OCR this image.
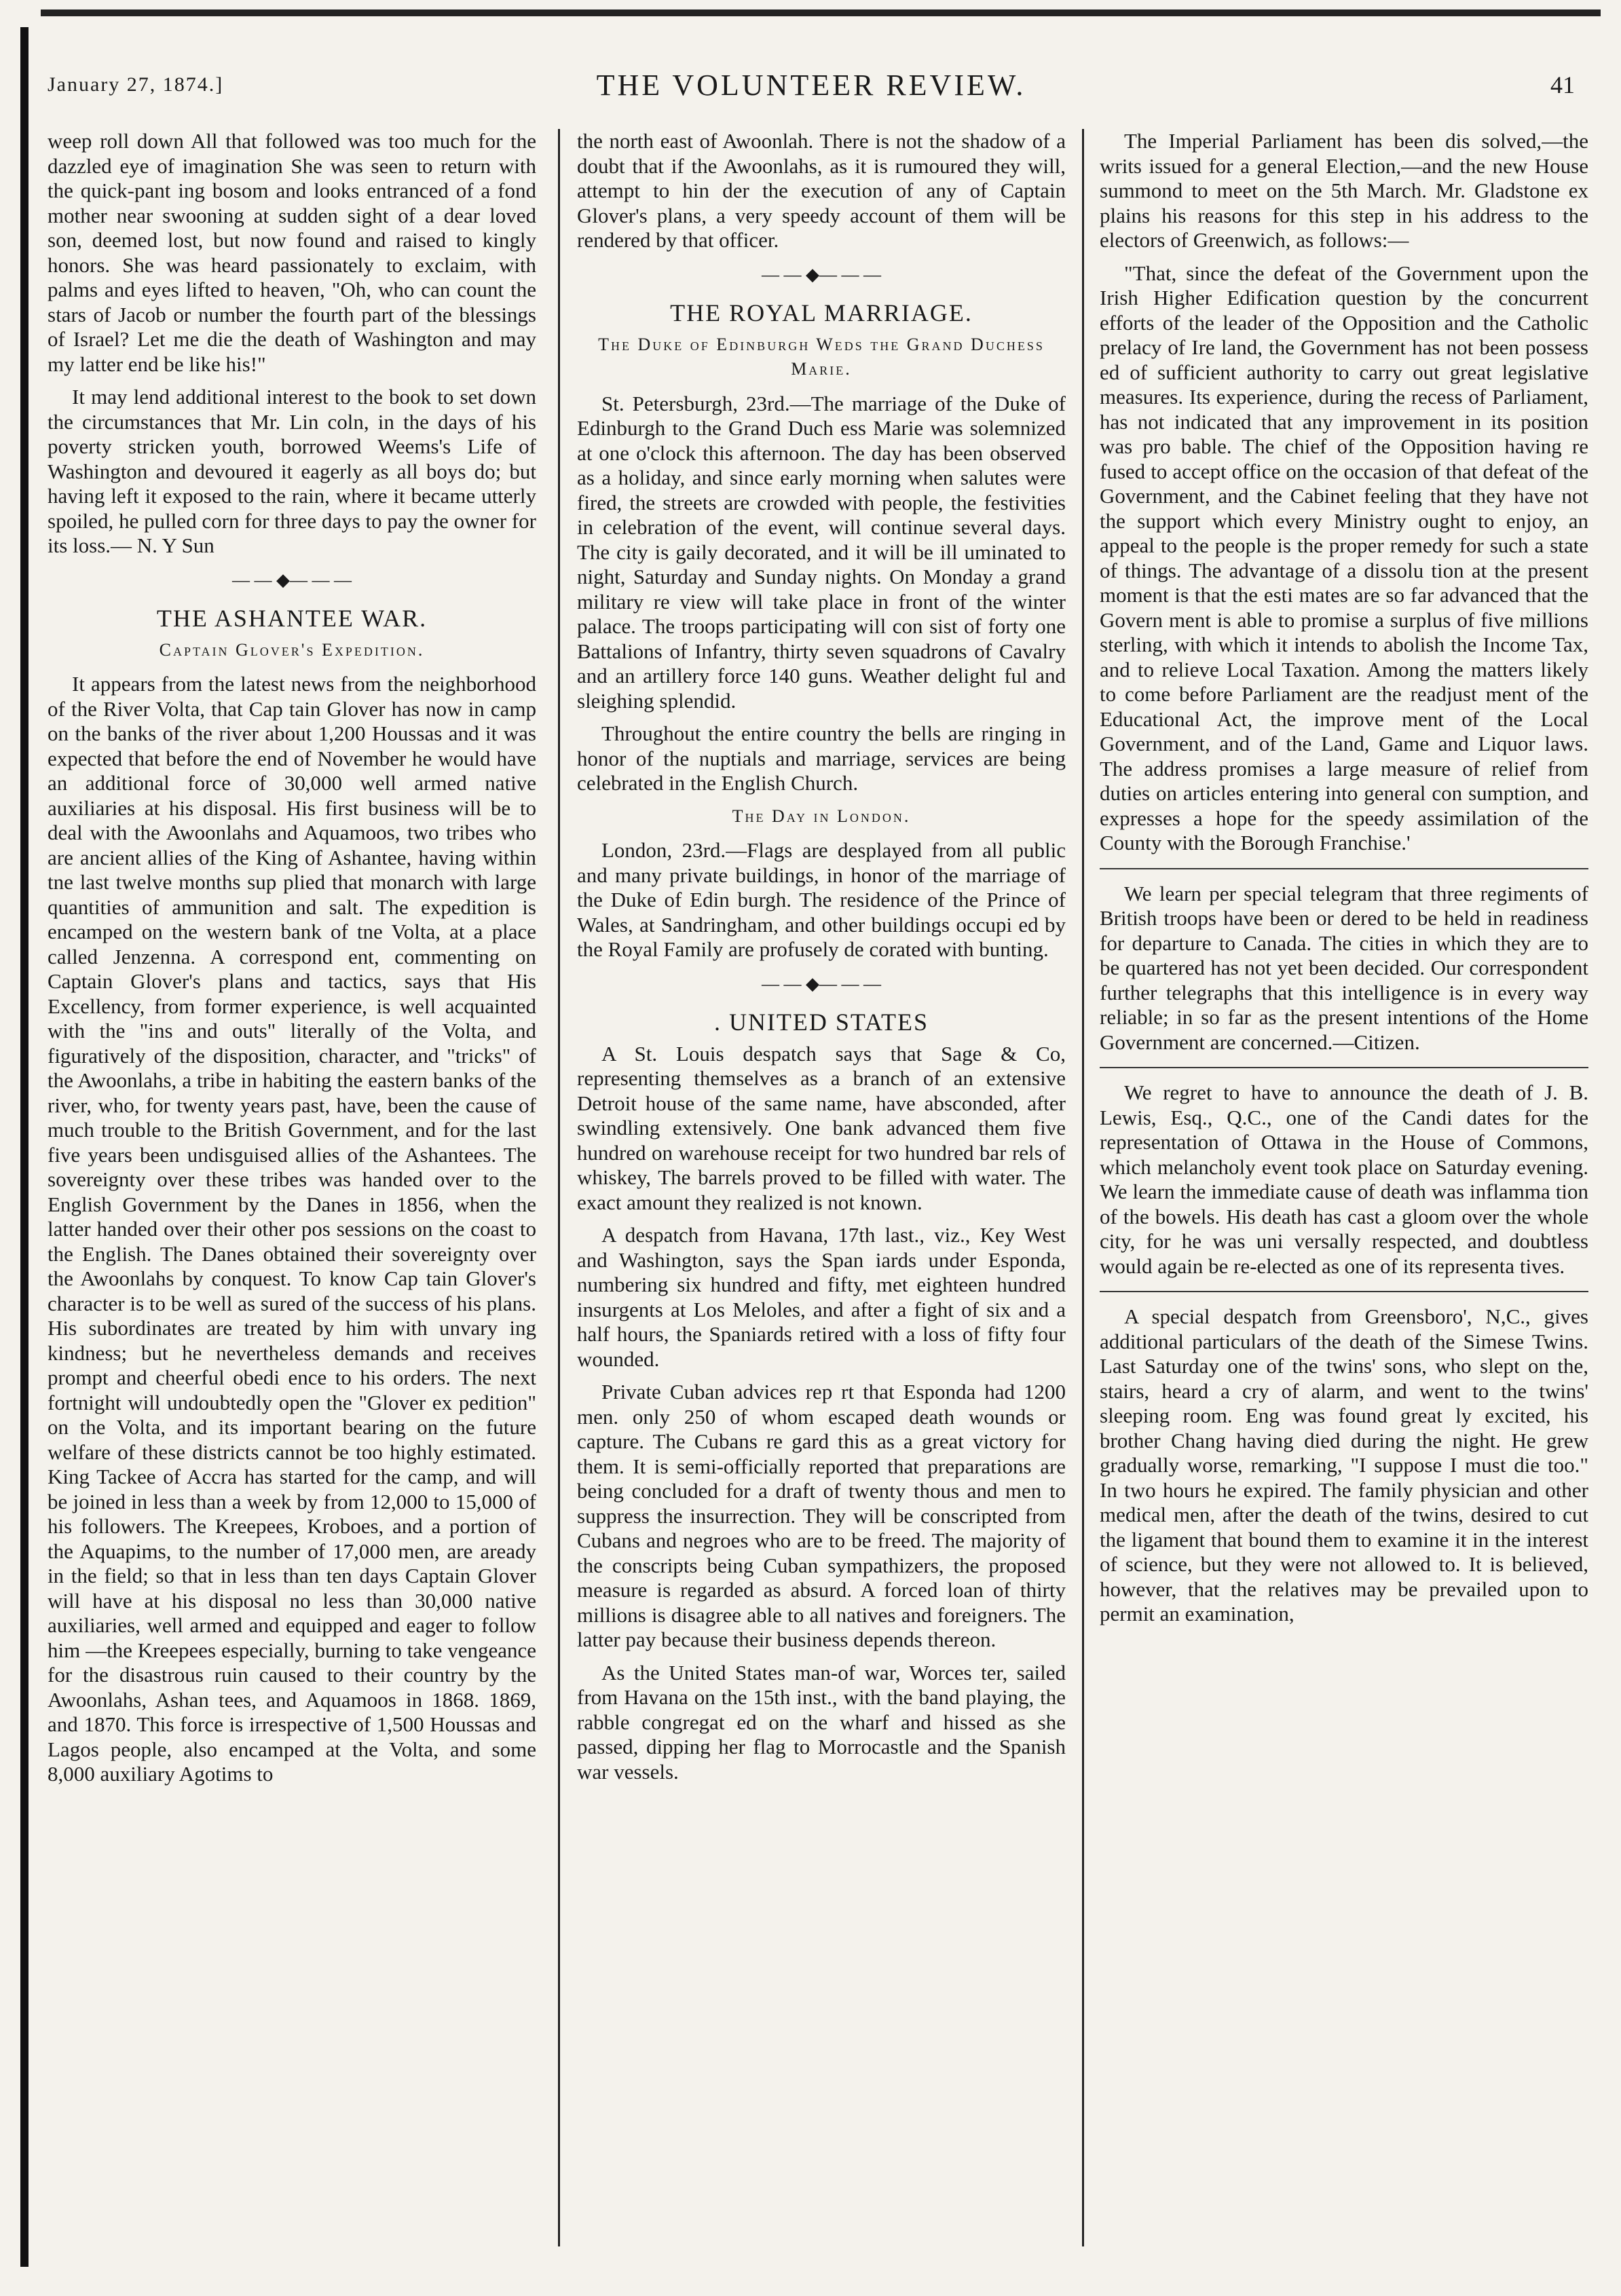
January 27, 1874.]	THE VOLUNTEER REVIEW.	41

weep roll down All that followed was too much for the dazzled eye of imagination She was seen to return with the quick-pant ing bosom and looks entranced of a fond mother near swooning at sudden sight of a dear loved son, deemed lost, but now found and raised to kingly honors. She was heard passionately to exclaim, with palms and eyes lifted to heaven, "Oh, who can count the stars of Jacob or number the fourth part of the blessings of Israel? Let me die the death of Washington and may my latter end be like his!"

It may lend additional interest to the book to set down the circumstances that Mr. Lin coln, in the days of his poverty stricken youth, borrowed Weems's Life of Washington and devoured it eagerly as all boys do; but having left it exposed to the rain, where it became utterly spoiled, he pulled corn for three days to pay the owner for its loss.— N. Y Sun

— — ◆— — —
THE ASHANTEE WAR.
Captain Glover's Expedition.

It appears from the latest news from the neighborhood of the River Volta, that Cap tain Glover has now in camp on the banks of the river about 1,200 Houssas and it was expected that before the end of November he would have an additional force of 30,000 well armed native auxiliaries at his disposal. His first business will be to deal with the Awoonlahs and Aquamoos, two tribes who are ancient allies of the King of Ashantee, having within tne last twelve months sup plied that monarch with large quantities of ammunition and salt. The expedition is encamped on the western bank of tne Volta, at a place called Jenzenna. A correspond ent, commenting on Captain Glover's plans and tactics, says that His Excellency, from former experience, is well acquainted with the "ins and outs" literally of the Volta, and figuratively of the disposition, character, and "tricks" of the Awoonlahs, a tribe in habiting the eastern banks of the river, who, for twenty years past, have, been the cause of much trouble to the British Government, and for the last five years been undisguised allies of the Ashantees. The sovereignty over these tribes was handed over to the English Government by the Danes in 1856, when the latter handed over their other pos sessions on the coast to the English. The Danes obtained their sovereignty over the Awoonlahs by conquest. To know Cap tain Glover's character is to be well as sured of the success of his plans. His subordinates are treated by him with unvary ing kindness; but he nevertheless demands and receives prompt and cheerful obedi ence to his orders. The next fortnight will undoubtedly open the "Glover ex pedition" on the Volta, and its important bearing on the future welfare of these districts cannot be too highly estimated. King Tackee of Accra has started for the camp, and will be joined in less than a week by from 12,000 to 15,000 of his followers. The Kreepees, Kroboes, and a portion of the Aquapims, to the number of 17,000 men, are aready in the field; so that in less than ten days Captain Glover will have at his disposal no less than 30,000 native auxiliaries, well armed and equipped and eager to follow him —the Kreepees especially, burning to take vengeance for the disastrous ruin caused to their country by the Awoonlahs, Ashan tees, and Aquamoos in 1868. 1869, and 1870. This force is irrespective of 1,500 Houssas and Lagos people, also encamped at the Volta, and some 8,000 auxiliary Agotims to

the north east of Awoonlah. There is not the shadow of a doubt that if the Awoonlahs, as it is rumoured they will, attempt to hin der the execution of any of Captain Glover's plans, a very speedy account of them will be rendered by that officer.

— — ◆— — —
THE ROYAL MARRIAGE.
The Duke of Edinburgh Weds the Grand Duchess Marie.

St. Petersburgh, 23rd.—The marriage of the Duke of Edinburgh to the Grand Duch ess Marie was solemnized at one o'clock this afternoon. The day has been observed as a holiday, and since early morning when salutes were fired, the streets are crowded with people, the festivities in celebration of the event, will continue several days. The city is gaily decorated, and it will be ill uminated to night, Saturday and Sunday nights. On Monday a grand military re view will take place in front of the winter palace. The troops participating will con sist of forty one Battalions of Infantry, thirty seven squadrons of Cavalry and an artillery force 140 guns. Weather delight ful and sleighing splendid.

Throughout the entire country the bells are ringing in honor of the nuptials and marriage, services are being celebrated in the English Church.

The Day in London.

London, 23rd.—Flags are desplayed from all public and many private buildings, in honor of the marriage of the Duke of Edin burgh. The residence of the Prince of Wales, at Sandringham, and other buildings occupi ed by the Royal Family are profusely de corated with bunting.

— — ◆— — —
. UNITED STATES

A St. Louis despatch says that Sage & Co, representing themselves as a branch of an extensive Detroit house of the same name, have absconded, after swindling extensively. One bank advanced them five hundred on warehouse receipt for two hundred bar rels of whiskey, The barrels proved to be filled with water. The exact amount they realized is not known.

A despatch from Havana, 17th last., viz., Key West and Washington, says the Span iards under Esponda, numbering six hundred and fifty, met eighteen hundred insurgents at Los Meloles, and after a fight of six and a half hours, the Spaniards retired with a loss of fifty four wounded.

Private Cuban advices rep rt that Esponda had 1200 men. only 250 of whom escaped death wounds or capture. The Cubans re gard this as a great victory for them. It is semi-officially reported that preparations are being concluded for a draft of twenty thous and men to suppress the insurrection. They will be conscripted from Cubans and negroes who are to be freed. The majority of the conscripts being Cuban sympathizers, the proposed measure is regarded as absurd. A forced loan of thirty millions is disagree able to all natives and foreigners. The latter pay because their business depends thereon.

As the United States man-of war, Worces ter, sailed from Havana on the 15th inst., with the band playing, the rabble congregat ed on the wharf and hissed as she passed, dipping her flag to Morrocastle and the Spanish war vessels.

The Imperial Parliament has been dis solved,—the writs issued for a general Election,—and the new House summond to meet on the 5th March. Mr. Gladstone ex plains his reasons for this step in his address to the electors of Greenwich, as follows:—

"That, since the defeat of the Government upon the Irish Higher Edification question by the concurrent efforts of the leader of the Opposition and the Catholic prelacy of Ire land, the Government has not been possess ed of sufficient authority to carry out great legislative measures. Its experience, during the recess of Parliament, has not indicated that any improvement in its position was pro bable. The chief of the Opposition having re fused to accept office on the occasion of that defeat of the Government, and the Cabinet feeling that they have not the support which every Ministry ought to enjoy, an appeal to the people is the proper remedy for such a state of things. The advantage of a dissolu tion at the present moment is that the esti mates are so far advanced that the Govern ment is able to promise a surplus of five millions sterling, with which it intends to abolish the Income Tax, and to relieve Local Taxation. Among the matters likely to come before Parliament are the readjust ment of the Educational Act, the improve ment of the Local Government, and of the Land, Game and Liquor laws. The address promises a large measure of relief from duties on articles entering into general con sumption, and expresses a hope for the speedy assimilation of the County with the Borough Franchise.'

We learn per special telegram that three regiments of British troops have been or dered to be held in readiness for departure to Canada. The cities in which they are to be quartered has not yet been decided. Our correspondent further telegraphs that this intelligence is in every way reliable; in so far as the present intentions of the Home Government are concerned.—Citizen.

We regret to have to announce the death of J. B. Lewis, Esq., Q.C., one of the Candi dates for the representation of Ottawa in the House of Commons, which melancholy event took place on Saturday evening. We learn the immediate cause of death was inflamma tion of the bowels. His death has cast a gloom over the whole city, for he was uni versally respected, and doubtless would again be re-elected as one of its representa tives.

A special despatch from Greensboro', N,C., gives additional particulars of the death of the Simese Twins. Last Saturday one of the twins' sons, who slept on the, stairs, heard a cry of alarm, and went to the twins' sleeping room. Eng was found great ly excited, his brother Chang having died during the night. He grew gradually worse, remarking, "I suppose I must die too." In two hours he expired. The family physician and other medical men, after the death of the twins, desired to cut the ligament that bound them to examine it in the interest of science, but they were not allowed to. It is believed, however, that the relatives may be prevailed upon to permit an examination,
